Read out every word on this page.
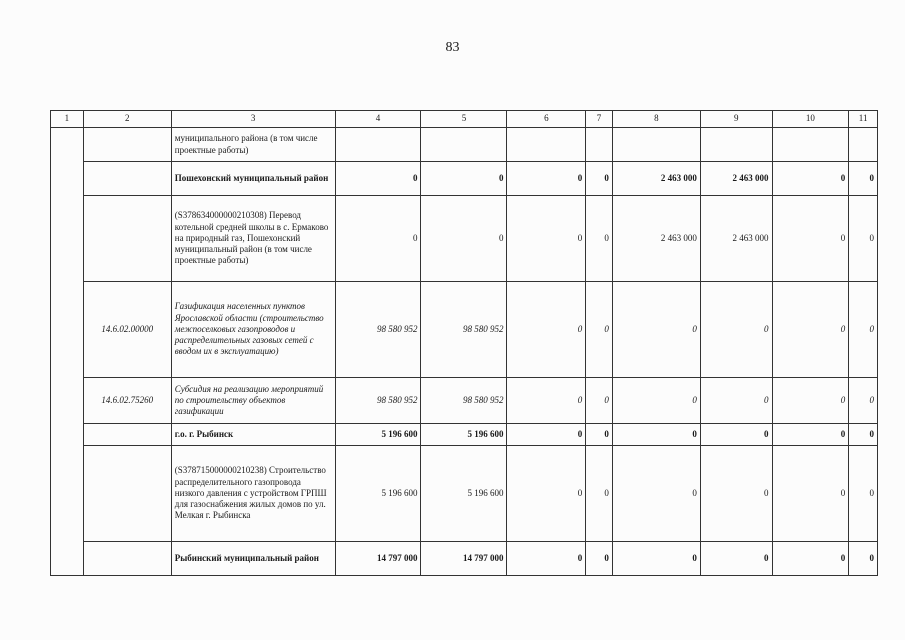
83
1	2	3	4	5	6	7	8	9	10	11
		муниципального района (в том числе проектные работы)								
		Пошехонский муниципальный район	0	0	0	0	2 463 000	2 463 000	0	0
		(S378634000000210308) Перевод котельной средней школы в с. Ермаково на природный газ, Пошехонский муниципальный район (в том числе проектные работы)	0	0	0	0	2 463 000	2 463 000	0	0
	14.6.02.00000	Газификация населенных пунктов Ярославской области (строительство межпоселковых газопроводов и распределительных газовых сетей с вводом их в эксплуатацию)	98 580 952	98 580 952	0	0	0	0	0	0
	14.6.02.75260	Субсидия на реализацию мероприятий по строительству объектов газификации	98 580 952	98 580 952	0	0	0	0	0	0
		г.о. г. Рыбинск	5 196 600	5 196 600	0	0	0	0	0	0
		(S378715000000210238) Строительство распределительного газопровода низкого давления с устройством ГРПШ для газоснабжения жилых домов по ул. Мелкая г. Рыбинска	5 196 600	5 196 600	0	0	0	0	0	0
		Рыбинский муниципальный район	14 797 000	14 797 000	0	0	0	0	0	0
